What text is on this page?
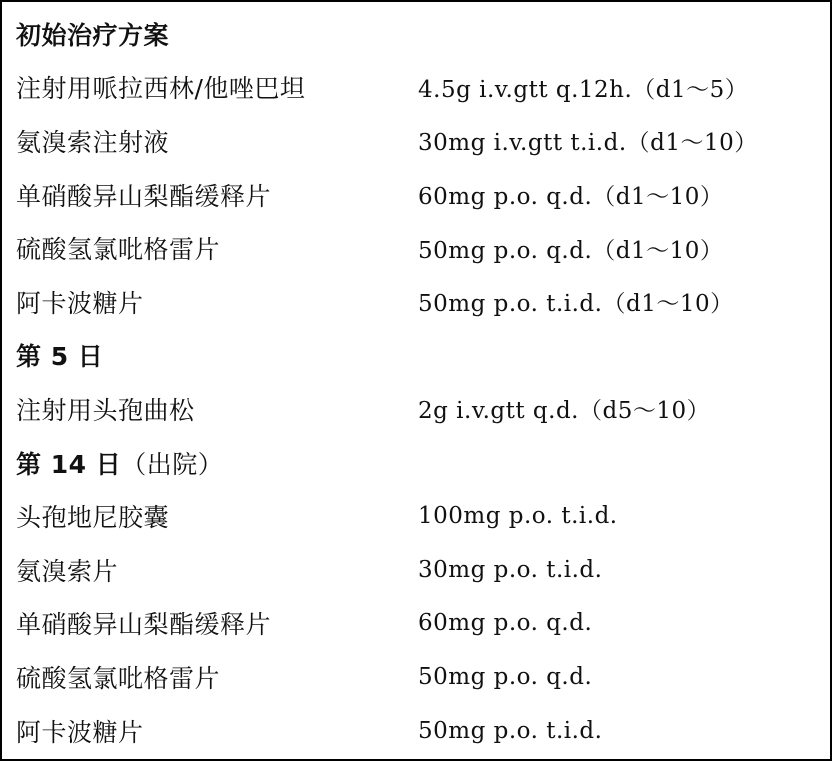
初始治疗方案
注射用哌拉西林/他唑巴坦	4.5g i.v.gtt q.12h.（d1～5）
氨溴索注射液	30mg i.v.gtt t.i.d.（d1～10）
单硝酸异山梨酯缓释片	60mg p.o. q.d.（d1～10）
硫酸氢氯吡格雷片	50mg p.o. q.d.（d1～10）
阿卡波糖片	50mg p.o. t.i.d.（d1～10）
第 5 日
注射用头孢曲松	2g i.v.gtt q.d.（d5～10）
第 14 日（出院）
头孢地尼胶囊	100mg p.o. t.i.d.
氨溴索片	30mg p.o. t.i.d.
单硝酸异山梨酯缓释片	60mg p.o. q.d.
硫酸氢氯吡格雷片	50mg p.o. q.d.
阿卡波糖片	50mg p.o. t.i.d.
